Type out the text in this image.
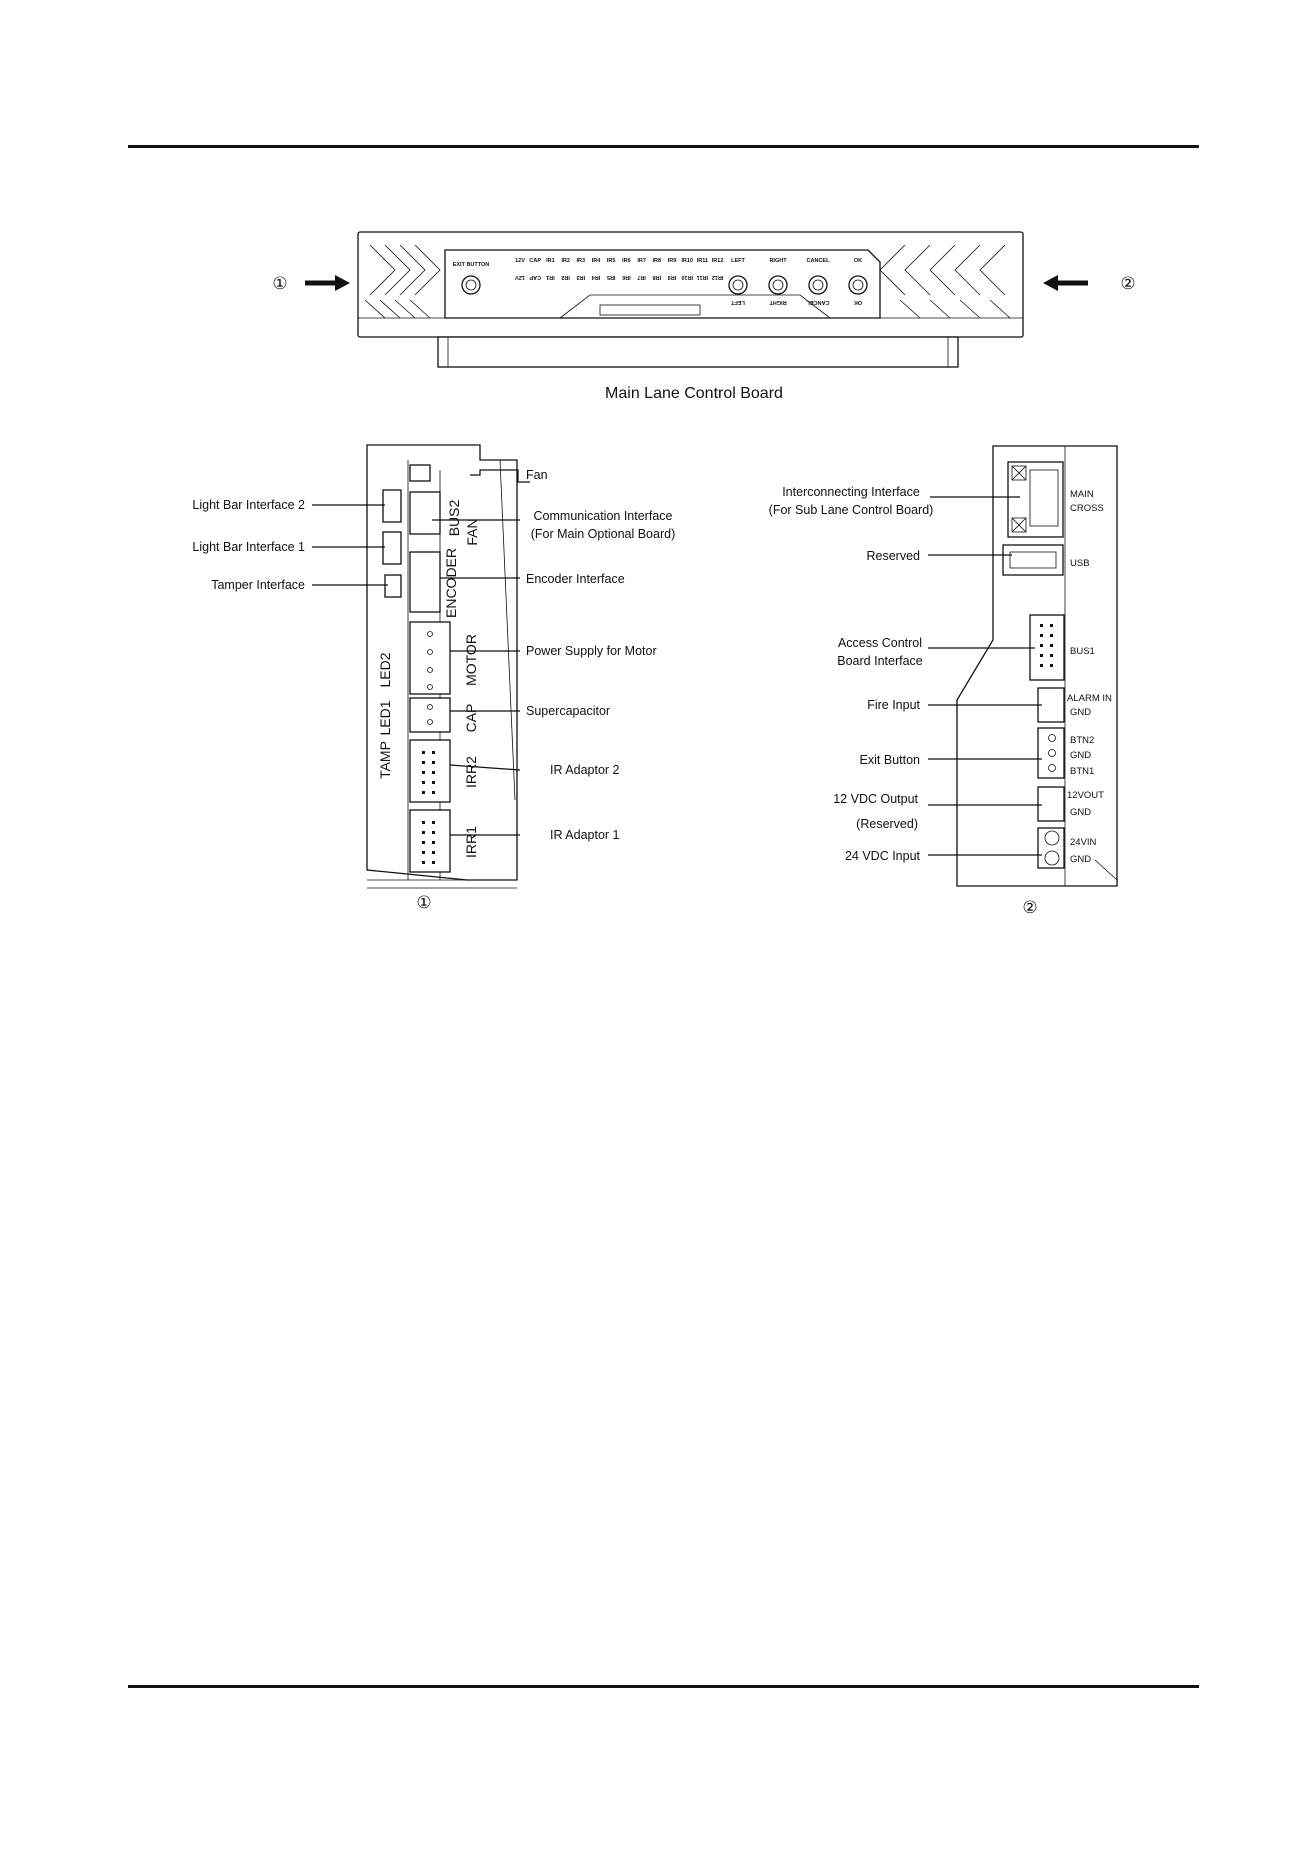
EXIT BUTTON
12V
12V
CAP
CAP
IR1
IR1
IR2
IR2
IR3
IR3
IR4
IR4
IR5
IR5
IR6
IR6
IR7
IR7
IR8
IR8
IR9
IR9
IR10
IR10
IR11
IR11
IR12
IR12
LEFT
LEFT
RIGHT
RIGHT
CANCEL
CANCEL
OK
OK
①	②
Main Lane Control Board
BUS2 FAN
ENCODER
MOTOR
CAP
IRR2
IRR1
LED2
LED1
TAMP
Light Bar Interface 2
Light Bar Interface 1
Tamper Interface
Fan
Communication Interface
(For Main Optional Board)
Encoder Interface
Power Supply for Motor
Supercapacitor
IR Adaptor 2
IR Adaptor 1
①
MAIN
CROSS
USB
BUS1
ALARM IN
GND
BTN2
GND
BTN1
12VOUT
GND
24VIN
GND
Interconnecting Interface
(For Sub Lane Control Board)
Reserved
Access Control
Board Interface
Fire Input
Exit Button
12 VDC Output
(Reserved)
24 VDC Input
②
